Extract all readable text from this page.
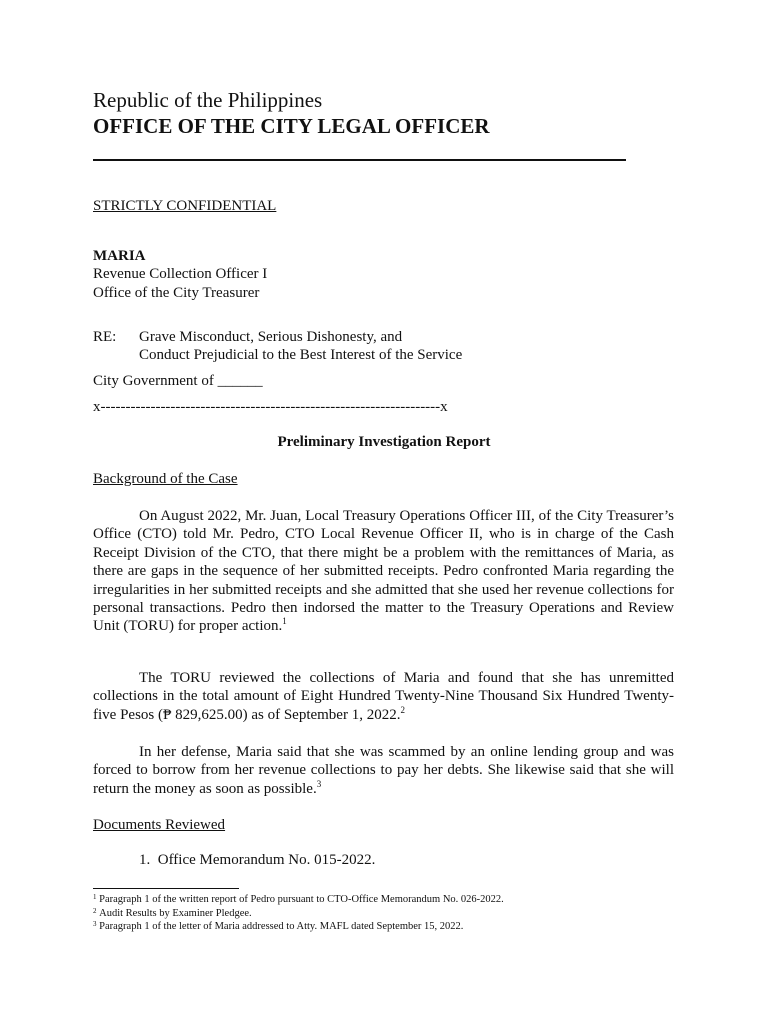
Republic of the Philippines
OFFICE OF THE CITY LEGAL OFFICER
STRICTLY CONFIDENTIAL
MARIA
Revenue Collection Officer I
Office of the City Treasurer
RE: Grave Misconduct, Serious Dishonesty, and
Conduct Prejudicial to the Best Interest of the Service
City Government of ______
x--------------------------------------------------------------------x
Preliminary Investigation Report
Background of the Case
On August 2022, Mr. Juan, Local Treasury Operations Officer III, of the City Treasurer’s Office (CTO) told Mr. Pedro, CTO Local Revenue Officer II, who is in charge of the Cash Receipt Division of the CTO, that there might be a problem with the remittances of Maria, as there are gaps in the sequence of her submitted receipts. Pedro confronted Maria regarding the irregularities in her submitted receipts and she admitted that she used her revenue collections for personal transactions. Pedro then indorsed the matter to the Treasury Operations and Review Unit (TORU) for proper action.$^1$
The TORU reviewed the collections of Maria and found that she has unremitted collections in the total amount of Eight Hundred Twenty-Nine Thousand Six Hundred Twenty-five Pesos (₱ 829,625.00) as of September 1, 2022.$^2$
In her defense, Maria said that she was scammed by an online lending group and was forced to borrow from her revenue collections to pay her debts. She likewise said that she will return the money as soon as possible.$^3$
Documents Reviewed
1.  Office Memorandum No. 015-2022.
$^1$ Paragraph 1 of the written report of Pedro pursuant to CTO-Office Memorandum No. 026-2022.
$^2$ Audit Results by Examiner Pledgee.
$^3$ Paragraph 1 of the letter of Maria addressed to Atty. MAFL dated September 15, 2022.
